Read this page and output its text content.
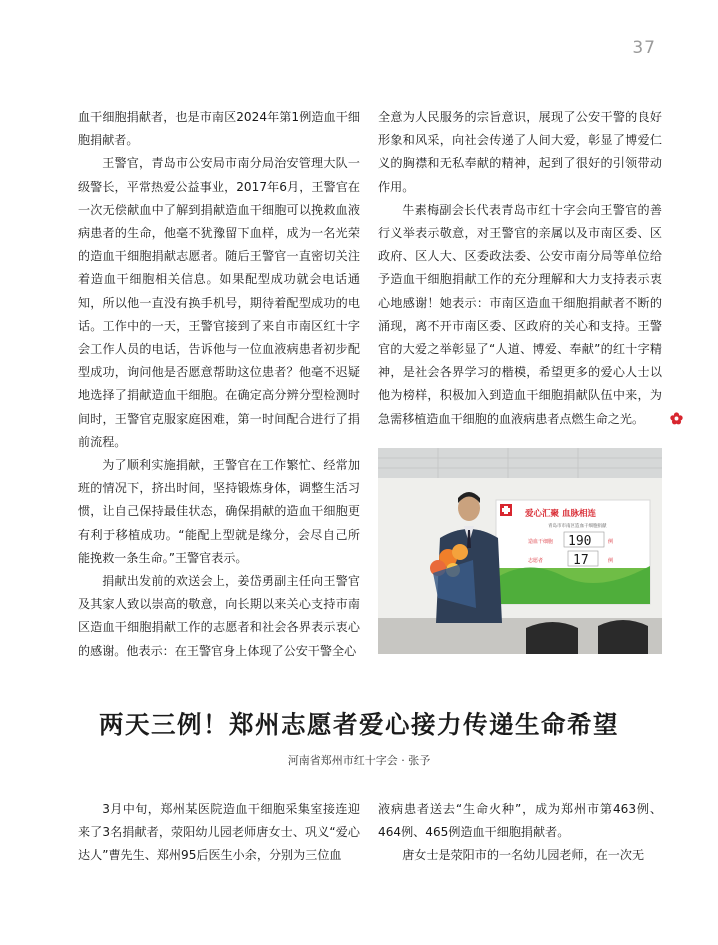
37

血干细胞捐献者，也是市南区2024年第1例造血干细胞捐献者。

王警官，青岛市公安局市南分局治安管理大队一级警长，平常热爱公益事业，2017年6月，王警官在一次无偿献血中了解到捐献造血干细胞可以挽救血液病患者的生命，他毫不犹豫留下血样，成为一名光荣的造血干细胞捐献志愿者。随后王警官一直密切关注着造血干细胞相关信息。如果配型成功就会电话通知，所以他一直没有换手机号，期待着配型成功的电话。工作中的一天，王警官接到了来自市南区红十字会工作人员的电话，告诉他与一位血液病患者初步配型成功，询问他是否愿意帮助这位患者？他毫不迟疑地选择了捐献造血干细胞。在确定高分辨分型检测时间时，王警官克服家庭困难，第一时间配合进行了捐前流程。

为了顺利实施捐献，王警官在工作繁忙、经常加班的情况下，挤出时间，坚持锻炼身体，调整生活习惯，让自己保持最佳状态，确保捐献的造血干细胞更有利于移植成功。“能配上型就是缘分，会尽自己所能挽救一条生命。”王警官表示。

捐献出发前的欢送会上，姜岱勇副主任向王警官及其家人致以崇高的敬意，向长期以来关心支持市南区造血干细胞捐献工作的志愿者和社会各界表示衷心的感谢。他表示：在王警官身上体现了公安干警全心

全意为人民服务的宗旨意识，展现了公安干警的良好形象和风采，向社会传递了人间大爱，彰显了博爱仁义的胸襟和无私奉献的精神，起到了很好的引领带动作用。

牛素梅副会长代表青岛市红十字会向王警官的善行义举表示敬意，对王警官的亲属以及市南区委、区政府、区人大、区委政法委、公安市南分局等单位给予造血干细胞捐献工作的充分理解和大力支持表示衷心地感谢！她表示：市南区造血干细胞捐献者不断的涌现，离不开市南区委、区政府的关心和支持。王警官的大爱之举彰显了“人道、博爱、奉献”的红十字精神，是社会各界学习的楷模，希望更多的爱心人士以他为榜样，积极加入到造血干细胞捐献队伍中来，为急需移植造血干细胞的血液病患者点燃生命之光。

爱心汇聚 血脉相连
青岛市市南区造血干细胞捐献
造血干细胞 190	例
志愿者 17	例
两天三例！郑州志愿者爱心接力传递生命希望
河南省郑州市红十字会 · 张予

3月中旬，郑州某医院造血干细胞采集室接连迎来了3名捐献者，荥阳幼儿园老师唐女士、巩义“爱心达人”曹先生、郑州95后医生小余，分别为三位血

液病患者送去“生命火种”，成为郑州市第463例、464例、465例造血干细胞捐献者。

唐女士是荥阳市的一名幼儿园老师，在一次无
